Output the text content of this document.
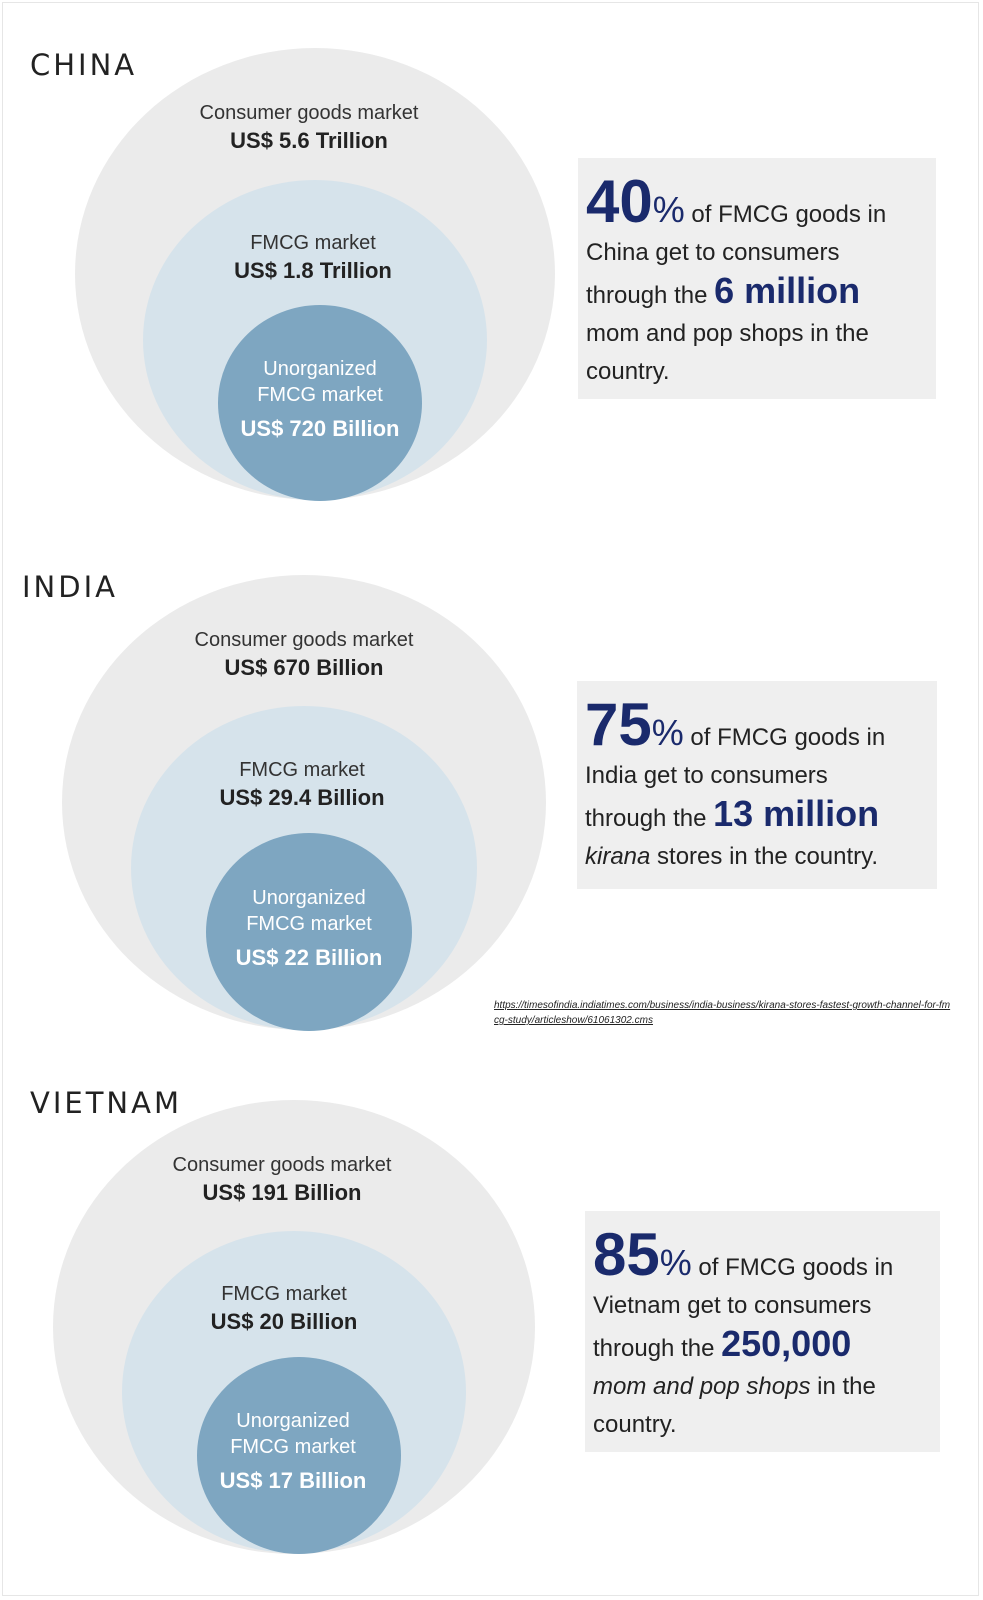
CHINA
Consumer goods market
US$ 5.6 Trillion
FMCG market
US$ 1.8 Trillion
Unorganized
FMCG market
US$ 720 Billion
40% of FMCG goods in
China get to consumers
through the 6 million
mom and pop shops in the
country.
INDIA
Consumer goods market
US$ 670 Billion
FMCG market
US$ 29.4 Billion
Unorganized
FMCG market
US$ 22 Billion
75% of FMCG goods in
India get to consumers
through the 13 million
kirana stores in the country.
https://timesofindia.indiatimes.com/business/india-business/kirana-stores-fastest-growth-channel-for-fmcg-study/articleshow/61061302.cms
VIETNAM
Consumer goods market
US$ 191 Billion
FMCG market
US$ 20 Billion
Unorganized
FMCG market
US$ 17 Billion
85% of FMCG goods in
Vietnam get to consumers
through the 250,000
mom and pop shops in the
country.
